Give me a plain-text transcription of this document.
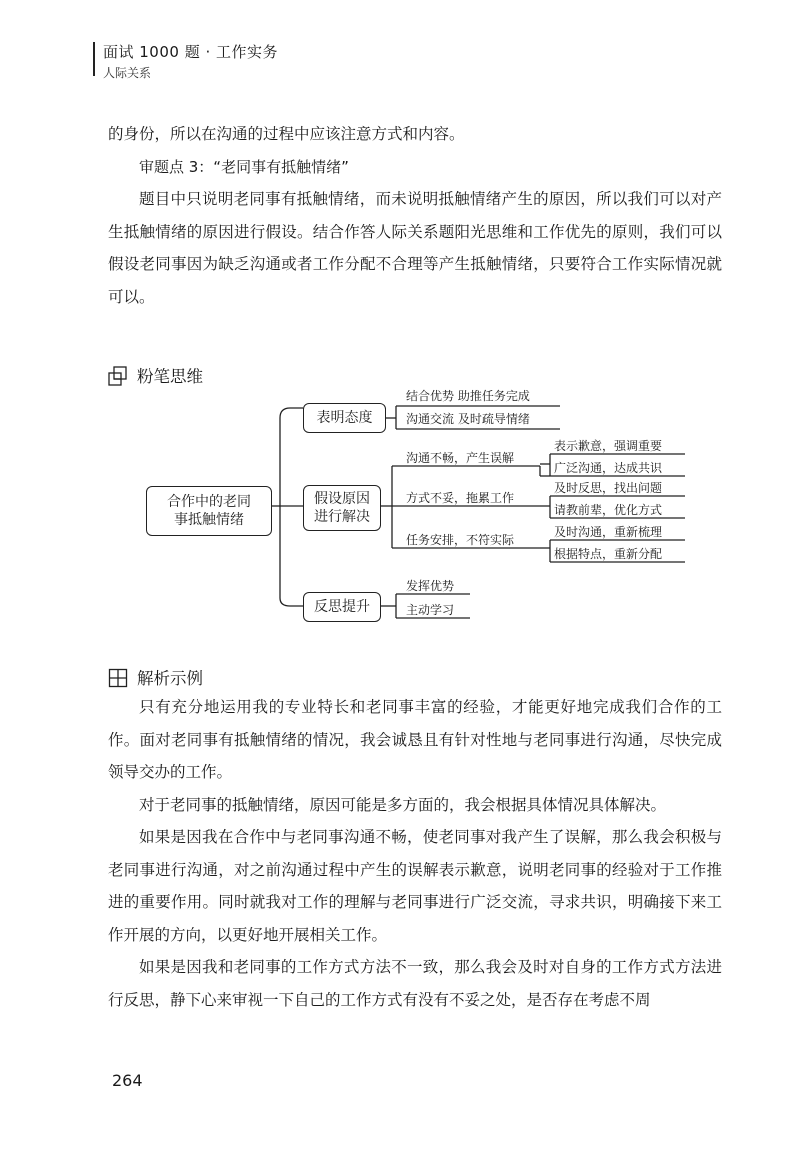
面试 1000 题 · 工作实务
人际关系

的身份，所以在沟通的过程中应该注意方式和内容。

审题点 3：“老同事有抵触情绪”

题目中只说明老同事有抵触情绪，而未说明抵触情绪产生的原因，所以我们可以对产生抵触情绪的原因进行假设。结合作答人际关系题阳光思维和工作优先的原则，我们可以假设老同事因为缺乏沟通或者工作分配不合理等产生抵触情绪，只要符合工作实际情况就可以。

粉笔思维
合作中的老同事抵触情绪
表明态度
结合优势 助推任务完成
沟通交流 及时疏导情绪
假设原因进行解决
沟通不畅，产生误解
表示歉意，强调重要
广泛沟通，达成共识
方式不妥，拖累工作
及时反思，找出问题
请教前辈，优化方式
任务安排，不符实际
及时沟通，重新梳理
根据特点，重新分配
反思提升
发挥优势
主动学习
解析示例

只有充分地运用我的专业特长和老同事丰富的经验，才能更好地完成我们合作的工作。面对老同事有抵触情绪的情况，我会诚恳且有针对性地与老同事进行沟通，尽快完成领导交办的工作。

对于老同事的抵触情绪，原因可能是多方面的，我会根据具体情况具体解决。

如果是因我在合作中与老同事沟通不畅，使老同事对我产生了误解，那么我会积极与老同事进行沟通，对之前沟通过程中产生的误解表示歉意，说明老同事的经验对于工作推进的重要作用。同时就我对工作的理解与老同事进行广泛交流，寻求共识，明确接下来工作开展的方向，以更好地开展相关工作。

如果是因我和老同事的工作方式方法不一致，那么我会及时对自身的工作方式方法进行反思，静下心来审视一下自己的工作方式有没有不妥之处，是否存在考虑不周

264
